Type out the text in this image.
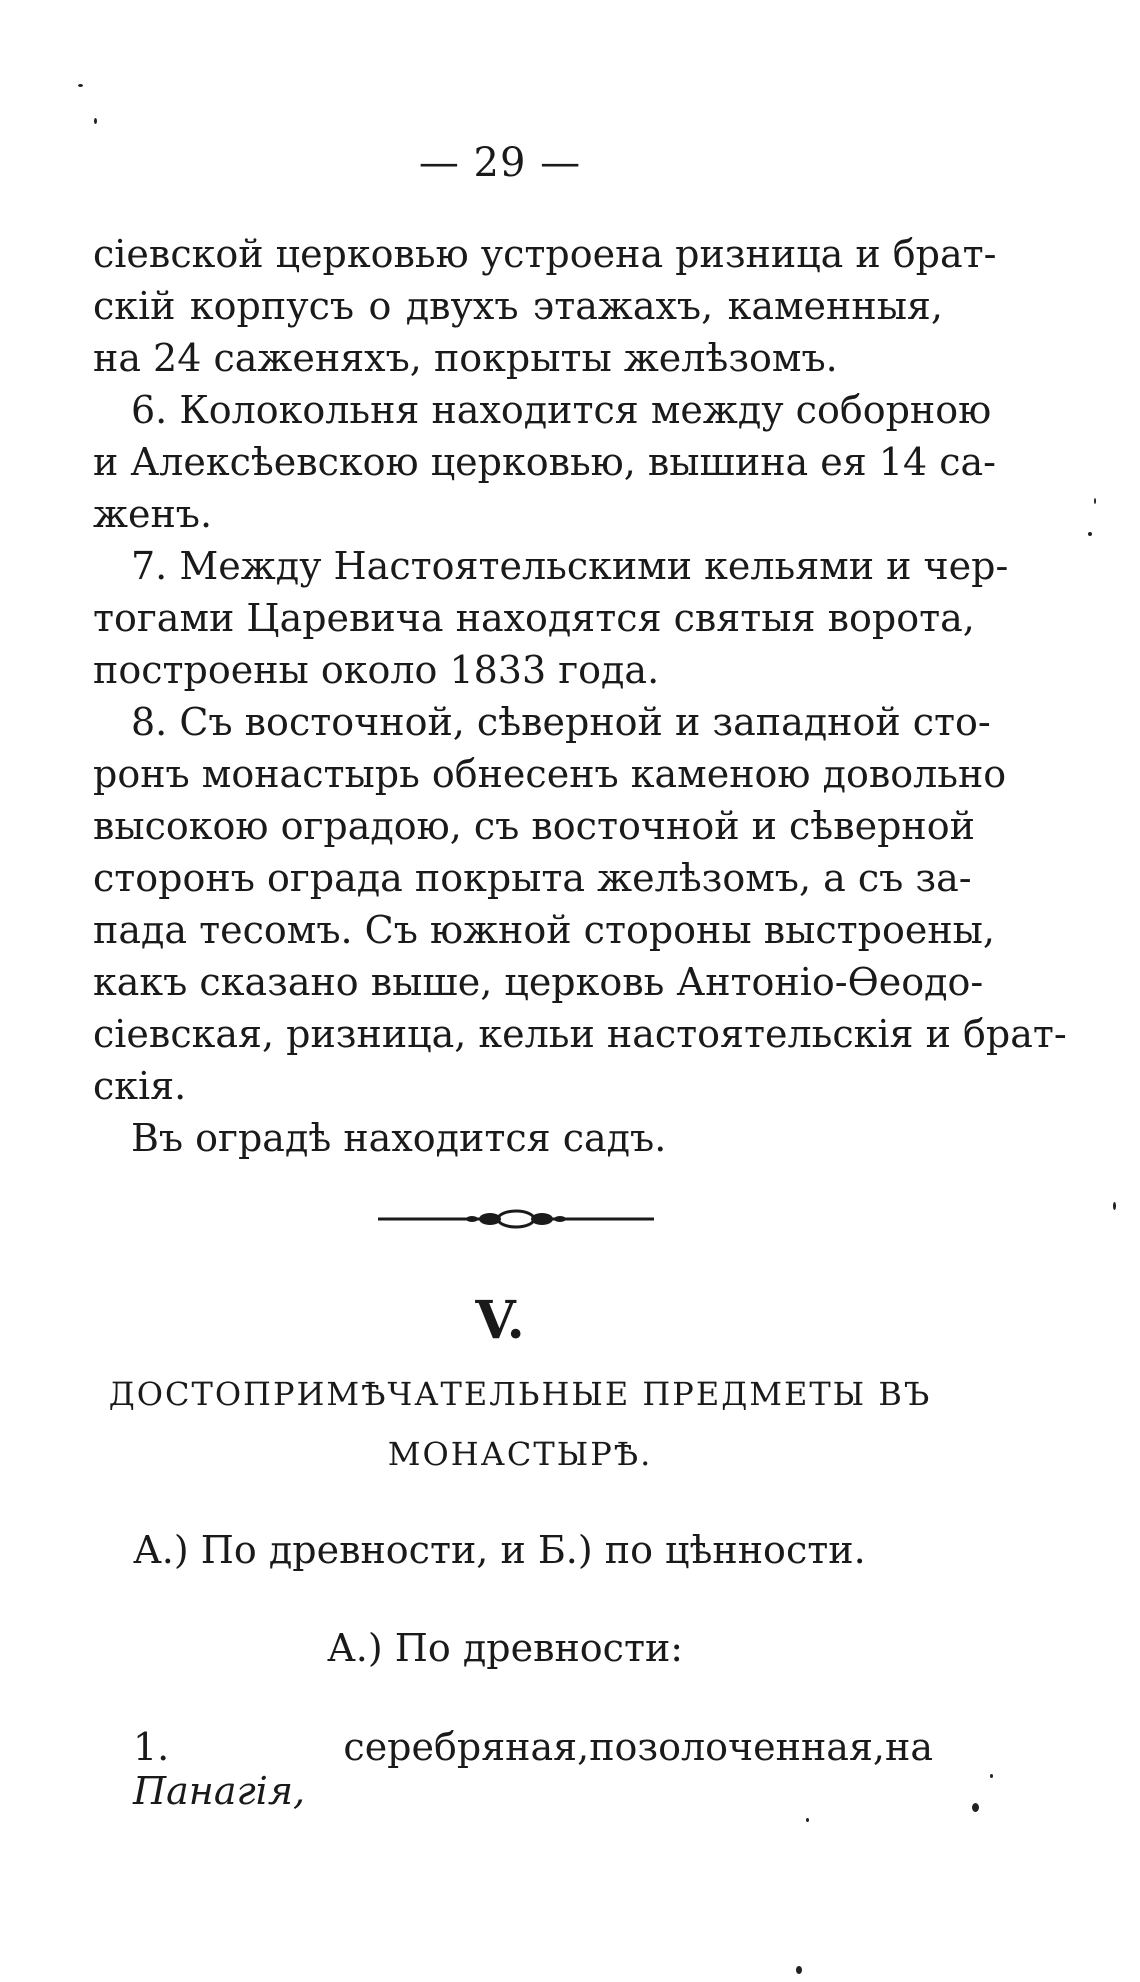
— 29 —

сіевской церковью устроена ризница и брат-
скій корпусъ о двухъ этажахъ, каменныя,
на 24 саженяхъ, покрыты желѣзомъ.

6. Колокольня находится между соборною
и Алексѣевскою церковью, вышина ея 14 са-
женъ.

7. Между Настоятельскими кельями и чер-
тогами Царевича находятся святыя ворота,
построены около 1833 года.

8. Съ восточной, сѣверной и западной сто-
ронъ монастырь обнесенъ каменою довольно
высокою оградою, съ восточной и сѣверной
сторонъ ограда покрыта желѣзомъ, а съ за-
пада тесомъ. Съ южной стороны выстроены,
какъ сказано выше, церковь Антоніо-Ѳеодо-
сіевская, ризница, кельи настоятельскія и брат-
скія.

Въ оградѣ находится садъ.

V.
ДОСТОПРИМѢЧАТЕЛЬНЫЕ ПРЕДМЕТЫ ВЪ
МОНАСТЫРѢ.
А.) По древности, и Б.) по цѣнности.
А.) По древности:
1. Панагія,
серебряная, позолоченная, на
